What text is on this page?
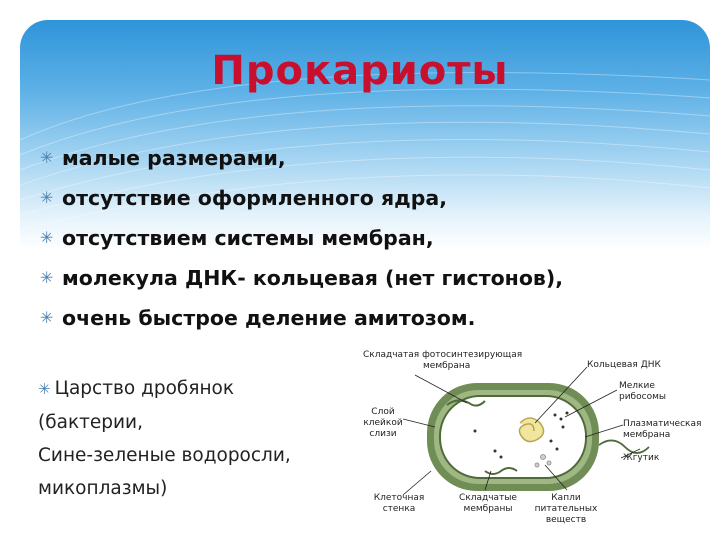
Прокариоты
✳ малые размерами,
✳ отсутствие оформленного ядра,
✳ отсутствием системы мембран,
✳ молекула ДНК- кольцевая (нет гистонов),
✳ очень быстрое деление амитозом.
✳ Царство дробянок
(бактерии,
Сине-зеленые водоросли,
микоплазмы)
Складчатая фотосинтезирующая
мембрана	Кольцевая ДНК
Мелкие
рибосомы
Слой
клейкой
слизи
Плазматическая
мембрана
Жгутик
Клеточная
стенка
Складчатые
мембраны
Капли
питательных
веществ
